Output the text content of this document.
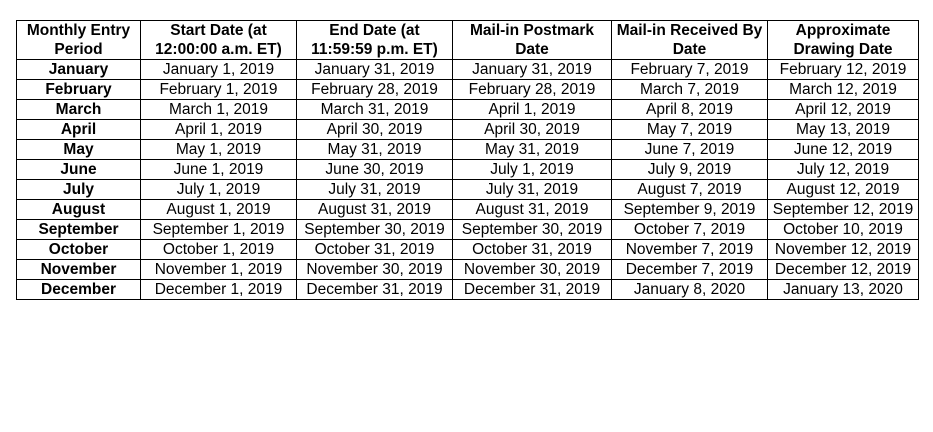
Monthly Entry Period	Start Date (at 12:00:00 a.m. ET)	End Date (at 11:59:59 p.m. ET)	Mail-in Postmark Date	Mail-in Received By Date	Approximate Drawing Date
January	January 1, 2019	January 31, 2019	January 31, 2019	February 7, 2019	February 12, 2019
February	February 1, 2019	February 28, 2019	February 28, 2019	March 7, 2019	March 12, 2019
March	March 1, 2019	March 31, 2019	April 1, 2019	April 8, 2019	April 12, 2019
April	April 1, 2019	April 30, 2019	April 30, 2019	May 7, 2019	May 13, 2019
May	May 1, 2019	May 31, 2019	May 31, 2019	June 7, 2019	June 12, 2019
June	June 1, 2019	June 30, 2019	July 1, 2019	July 9, 2019	July 12, 2019
July	July 1, 2019	July 31, 2019	July 31, 2019	August 7, 2019	August 12, 2019
August	August 1, 2019	August 31, 2019	August 31, 2019	September 9, 2019	September 12, 2019
September	September 1, 2019	September 30, 2019	September 30, 2019	October 7, 2019	October 10, 2019
October	October 1, 2019	October 31, 2019	October 31, 2019	November 7, 2019	November 12, 2019
November	November 1, 2019	November 30, 2019	November 30, 2019	December 7, 2019	December 12, 2019
December	December 1, 2019	December 31, 2019	December 31, 2019	January 8, 2020	January 13, 2020
